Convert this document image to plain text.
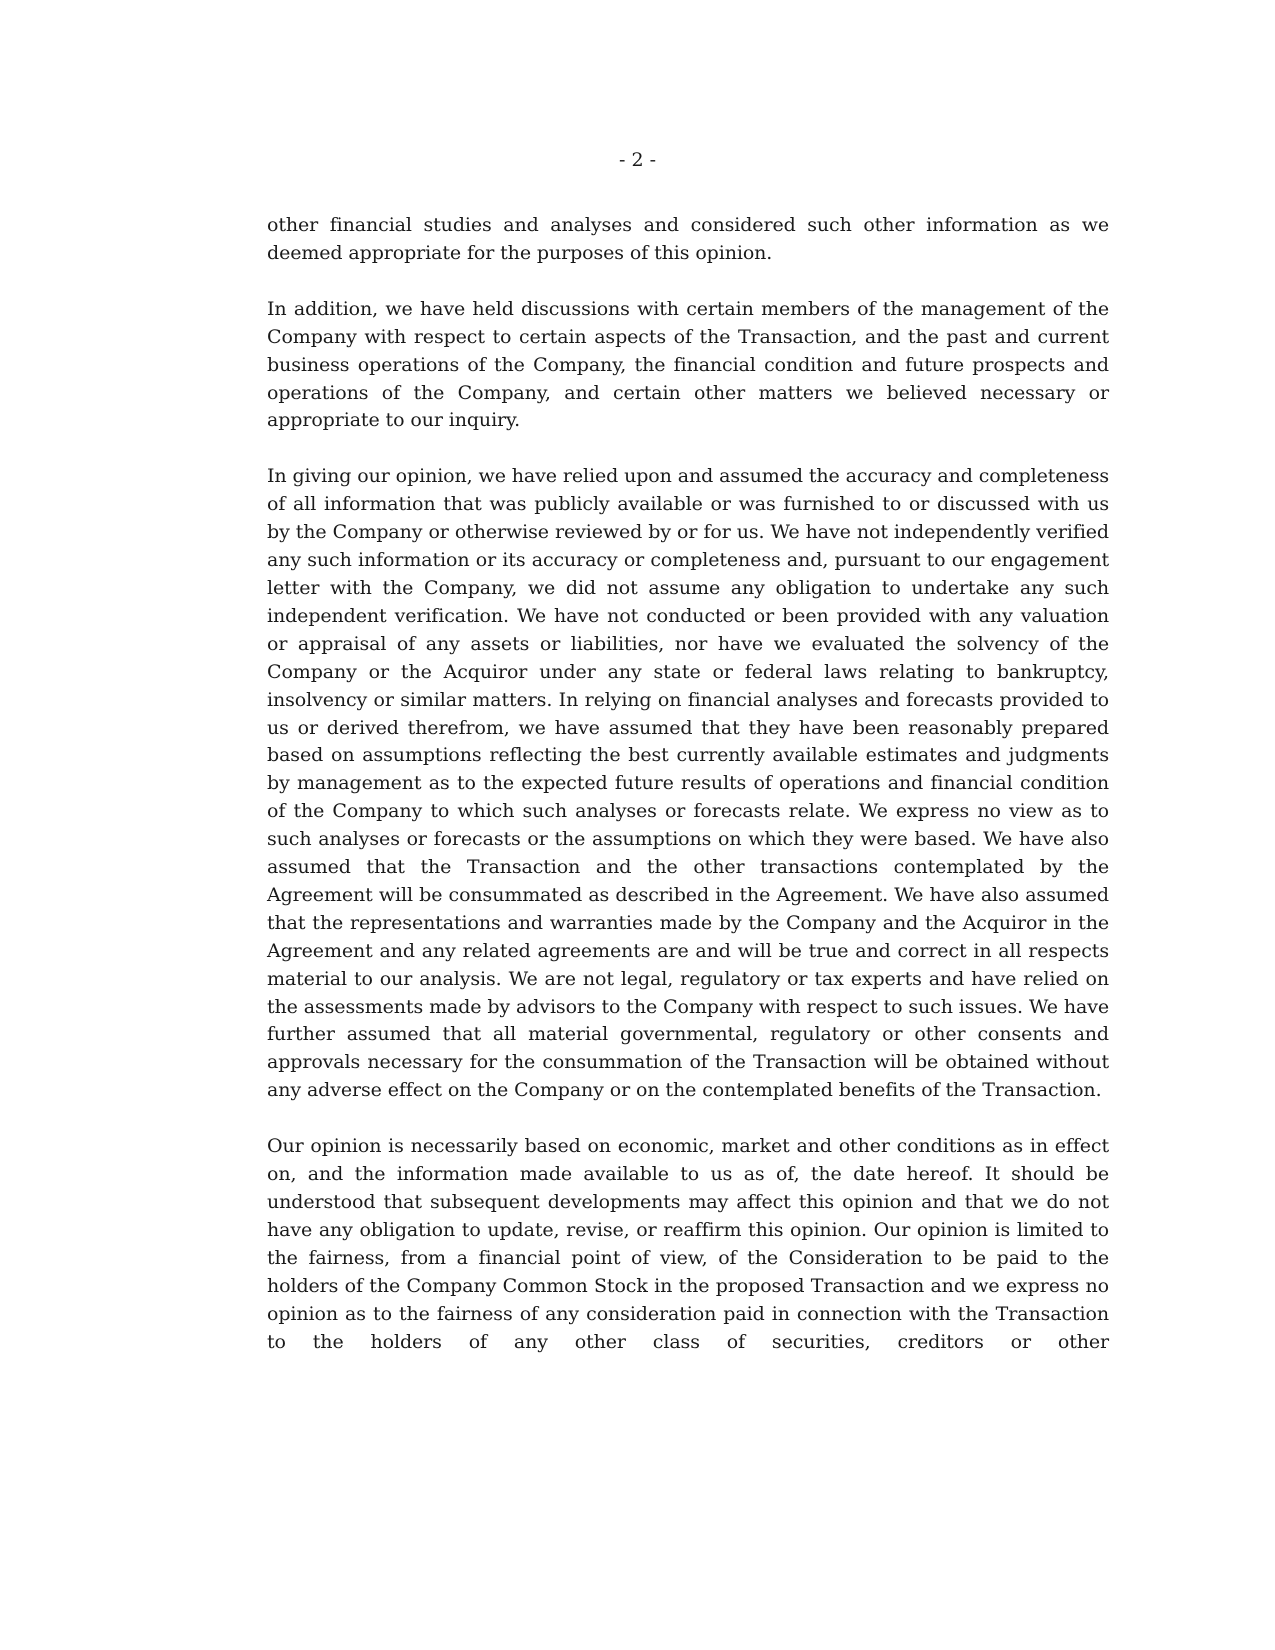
- 2 -

other financial studies and analyses and considered such other information as we deemed appropriate for the purposes of this opinion.

In addition, we have held discussions with certain members of the management of the Company with respect to certain aspects of the Transaction, and the past and current business operations of the Company, the financial condition and future prospects and operations of the Company, and certain other matters we believed necessary or appropriate to our inquiry.

In giving our opinion, we have relied upon and assumed the accuracy and completeness of all information that was publicly available or was furnished to or discussed with us by the Company or otherwise reviewed by or for us. We have not independently verified any such information or its accuracy or completeness and, pursuant to our engagement letter with the Company, we did not assume any obligation to undertake any such independent verification. We have not conducted or been provided with any valuation or appraisal of any assets or liabilities, nor have we evaluated the solvency of the Company or the Acquiror under any state or federal laws relating to bankruptcy, insolvency or similar matters. In relying on financial analyses and forecasts provided to us or derived therefrom, we have assumed that they have been reasonably prepared based on assumptions reflecting the best currently available estimates and judgments by management as to the expected future results of operations and financial condition of the Company to which such analyses or forecasts relate. We express no view as to such analyses or forecasts or the assumptions on which they were based. We have also assumed that the Transaction and the other transactions contemplated by the Agreement will be consummated as described in the Agreement. We have also assumed that the representations and warranties made by the Company and the Acquiror in the Agreement and any related agreements are and will be true and correct in all respects material to our analysis. We are not legal, regulatory or tax experts and have relied on the assessments made by advisors to the Company with respect to such issues. We have further assumed that all material governmental, regulatory or other consents and approvals necessary for the consummation of the Transaction will be obtained without any adverse effect on the Company or on the contemplated benefits of the Transaction.

Our opinion is necessarily based on economic, market and other conditions as in effect on, and the information made available to us as of, the date hereof. It should be understood that subsequent developments may affect this opinion and that we do not have any obligation to update, revise, or reaffirm this opinion. Our opinion is limited to the fairness, from a financial point of view, of the Consideration to be paid to the holders of the Company Common Stock in the proposed Transaction and we express no opinion as to the fairness of any consideration paid in connection with the Transaction to the holders of any other class of securities, creditors or other
